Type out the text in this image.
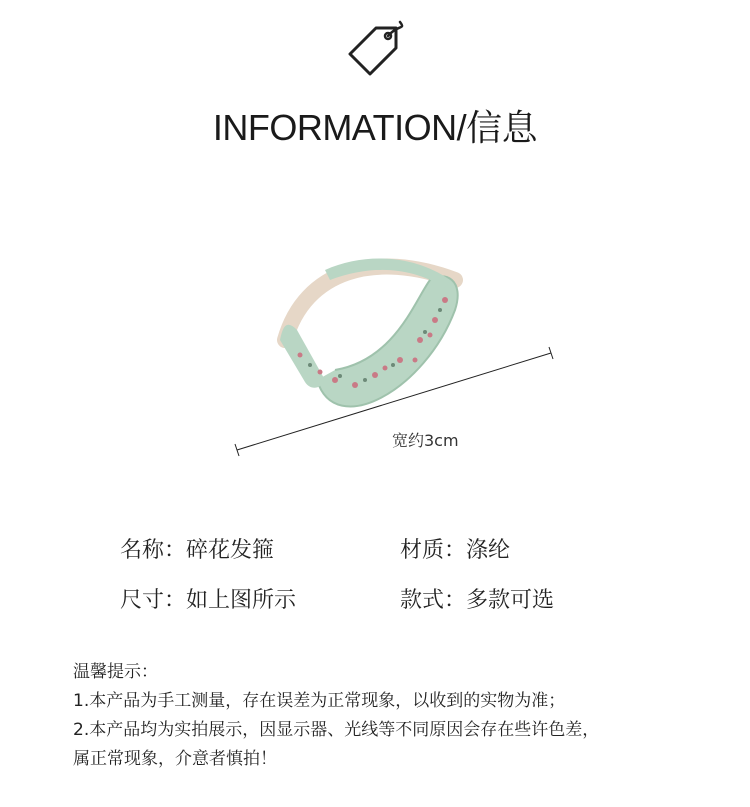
INFORMATION/信息
宽约3cm
名称：碎花发箍	材质：涤纶
尺寸：如上图所示	款式：多款可选
温馨提示：
1.本产品为手工测量，存在误差为正常现象，以收到的实物为准；
2.本产品均为实拍展示，因显示器、光线等不同原因会存在些许色差，
属正常现象，介意者慎拍！
